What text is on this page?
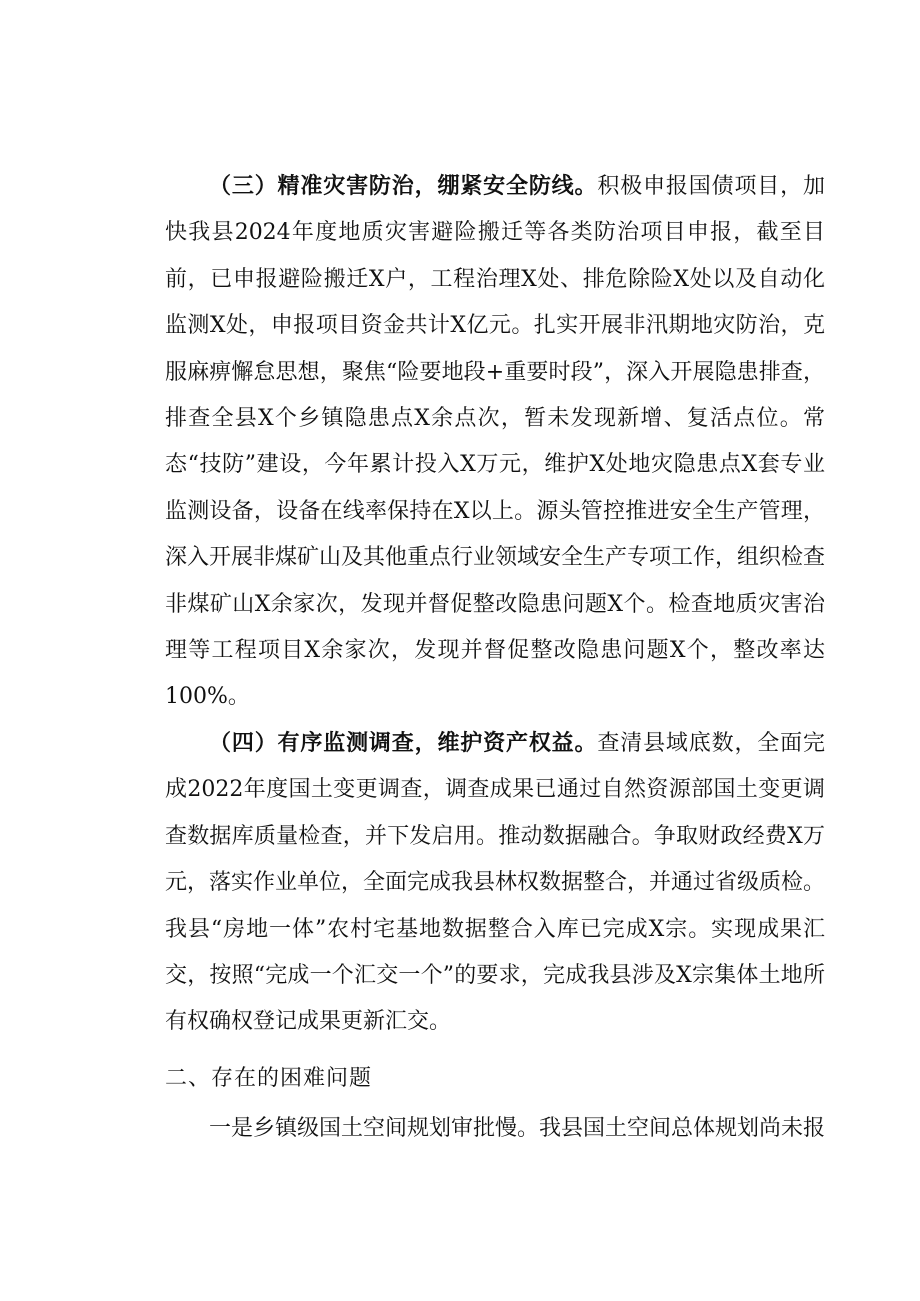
（三）精准灾害防治，绷紧安全防线。积极申报国债项目，加快我县2024年度地质灾害避险搬迁等各类防治项目申报，截至目前，已申报避险搬迁X户，工程治理X处、排危除险X处以及自动化监测X处，申报项目资金共计X亿元。扎实开展非汛期地灾防治，克服麻痹懈怠思想，聚焦“险要地段+重要时段”，深入开展隐患排查，排查全县X个乡镇隐患点X余点次，暂未发现新增、复活点位。常态“技防”建设，今年累计投入X万元，维护X处地灾隐患点X套专业监测设备，设备在线率保持在X以上。源头管控推进安全生产管理，深入开展非煤矿山及其他重点行业领域安全生产专项工作，组织检查非煤矿山X余家次，发现并督促整改隐患问题X个。检查地质灾害治理等工程项目X余家次，发现并督促整改隐患问题X个，整改率达100%。

（四）有序监测调查，维护资产权益。查清县域底数，全面完成2022年度国土变更调查，调查成果已通过自然资源部国土变更调查数据库质量检查，并下发启用。推动数据融合。争取财政经费X万元，落实作业单位，全面完成我县林权数据整合，并通过省级质检。我县“房地一体”农村宅基地数据整合入库已完成X宗。实现成果汇交，按照“完成一个汇交一个”的要求，完成我县涉及X宗集体土地所有权确权登记成果更新汇交。

二、存在的困难问题

一是乡镇级国土空间规划审批慢。我县国土空间总体规划尚未报
